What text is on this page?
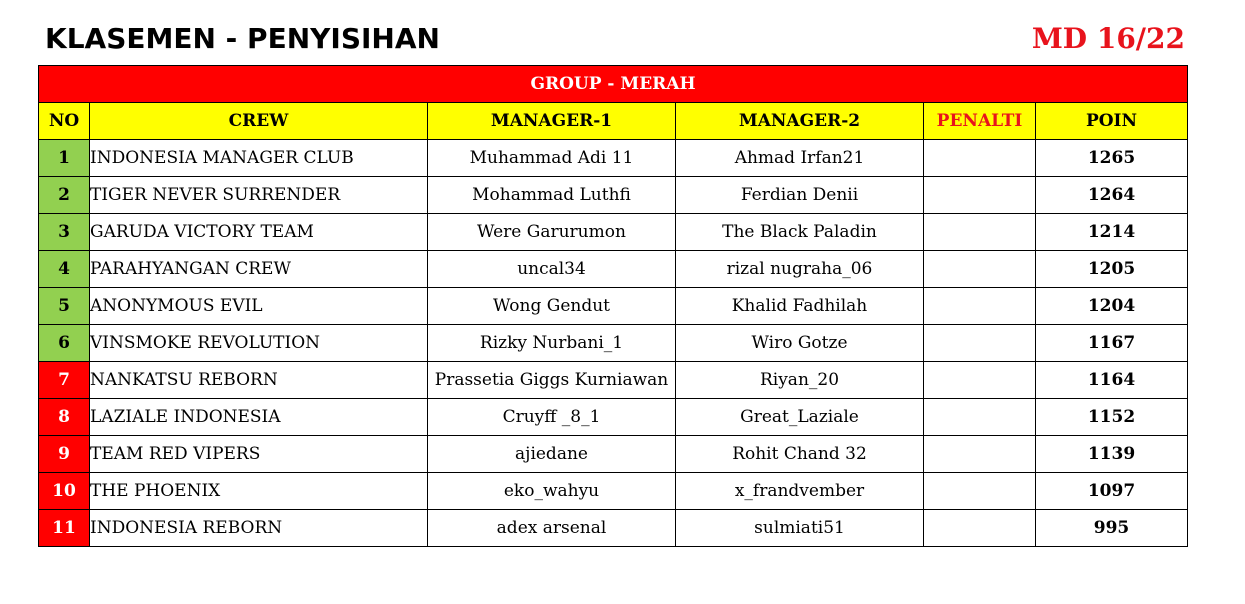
KLASEMEN - PENYISIHAN	MD 16/22
GROUP - MERAH					
NO	CREW	MANAGER-1	MANAGER-2	PENALTI	POIN
1	INDONESIA MANAGER CLUB	Muhammad Adi 11	Ahmad Irfan21		1265
2	TIGER NEVER SURRENDER	Mohammad Luthfi	Ferdian Denii		1264
3	GARUDA VICTORY TEAM	Were Garurumon	The Black Paladin		1214
4	PARAHYANGAN CREW	uncal34	rizal nugraha_06		1205
5	ANONYMOUS EVIL	Wong Gendut	Khalid Fadhilah		1204
6	VINSMOKE REVOLUTION	Rizky Nurbani_1	Wiro Gotze		1167
7	NANKATSU REBORN	Prassetia Giggs Kurniawan	Riyan_20		1164
8	LAZIALE INDONESIA	Cruyff _8_1	Great_Laziale		1152
9	TEAM RED VIPERS	ajiedane	Rohit Chand 32		1139
10	THE PHOENIX	eko_wahyu	x_frandvember		1097
11	INDONESIA REBORN	adex arsenal	sulmiati51		995
